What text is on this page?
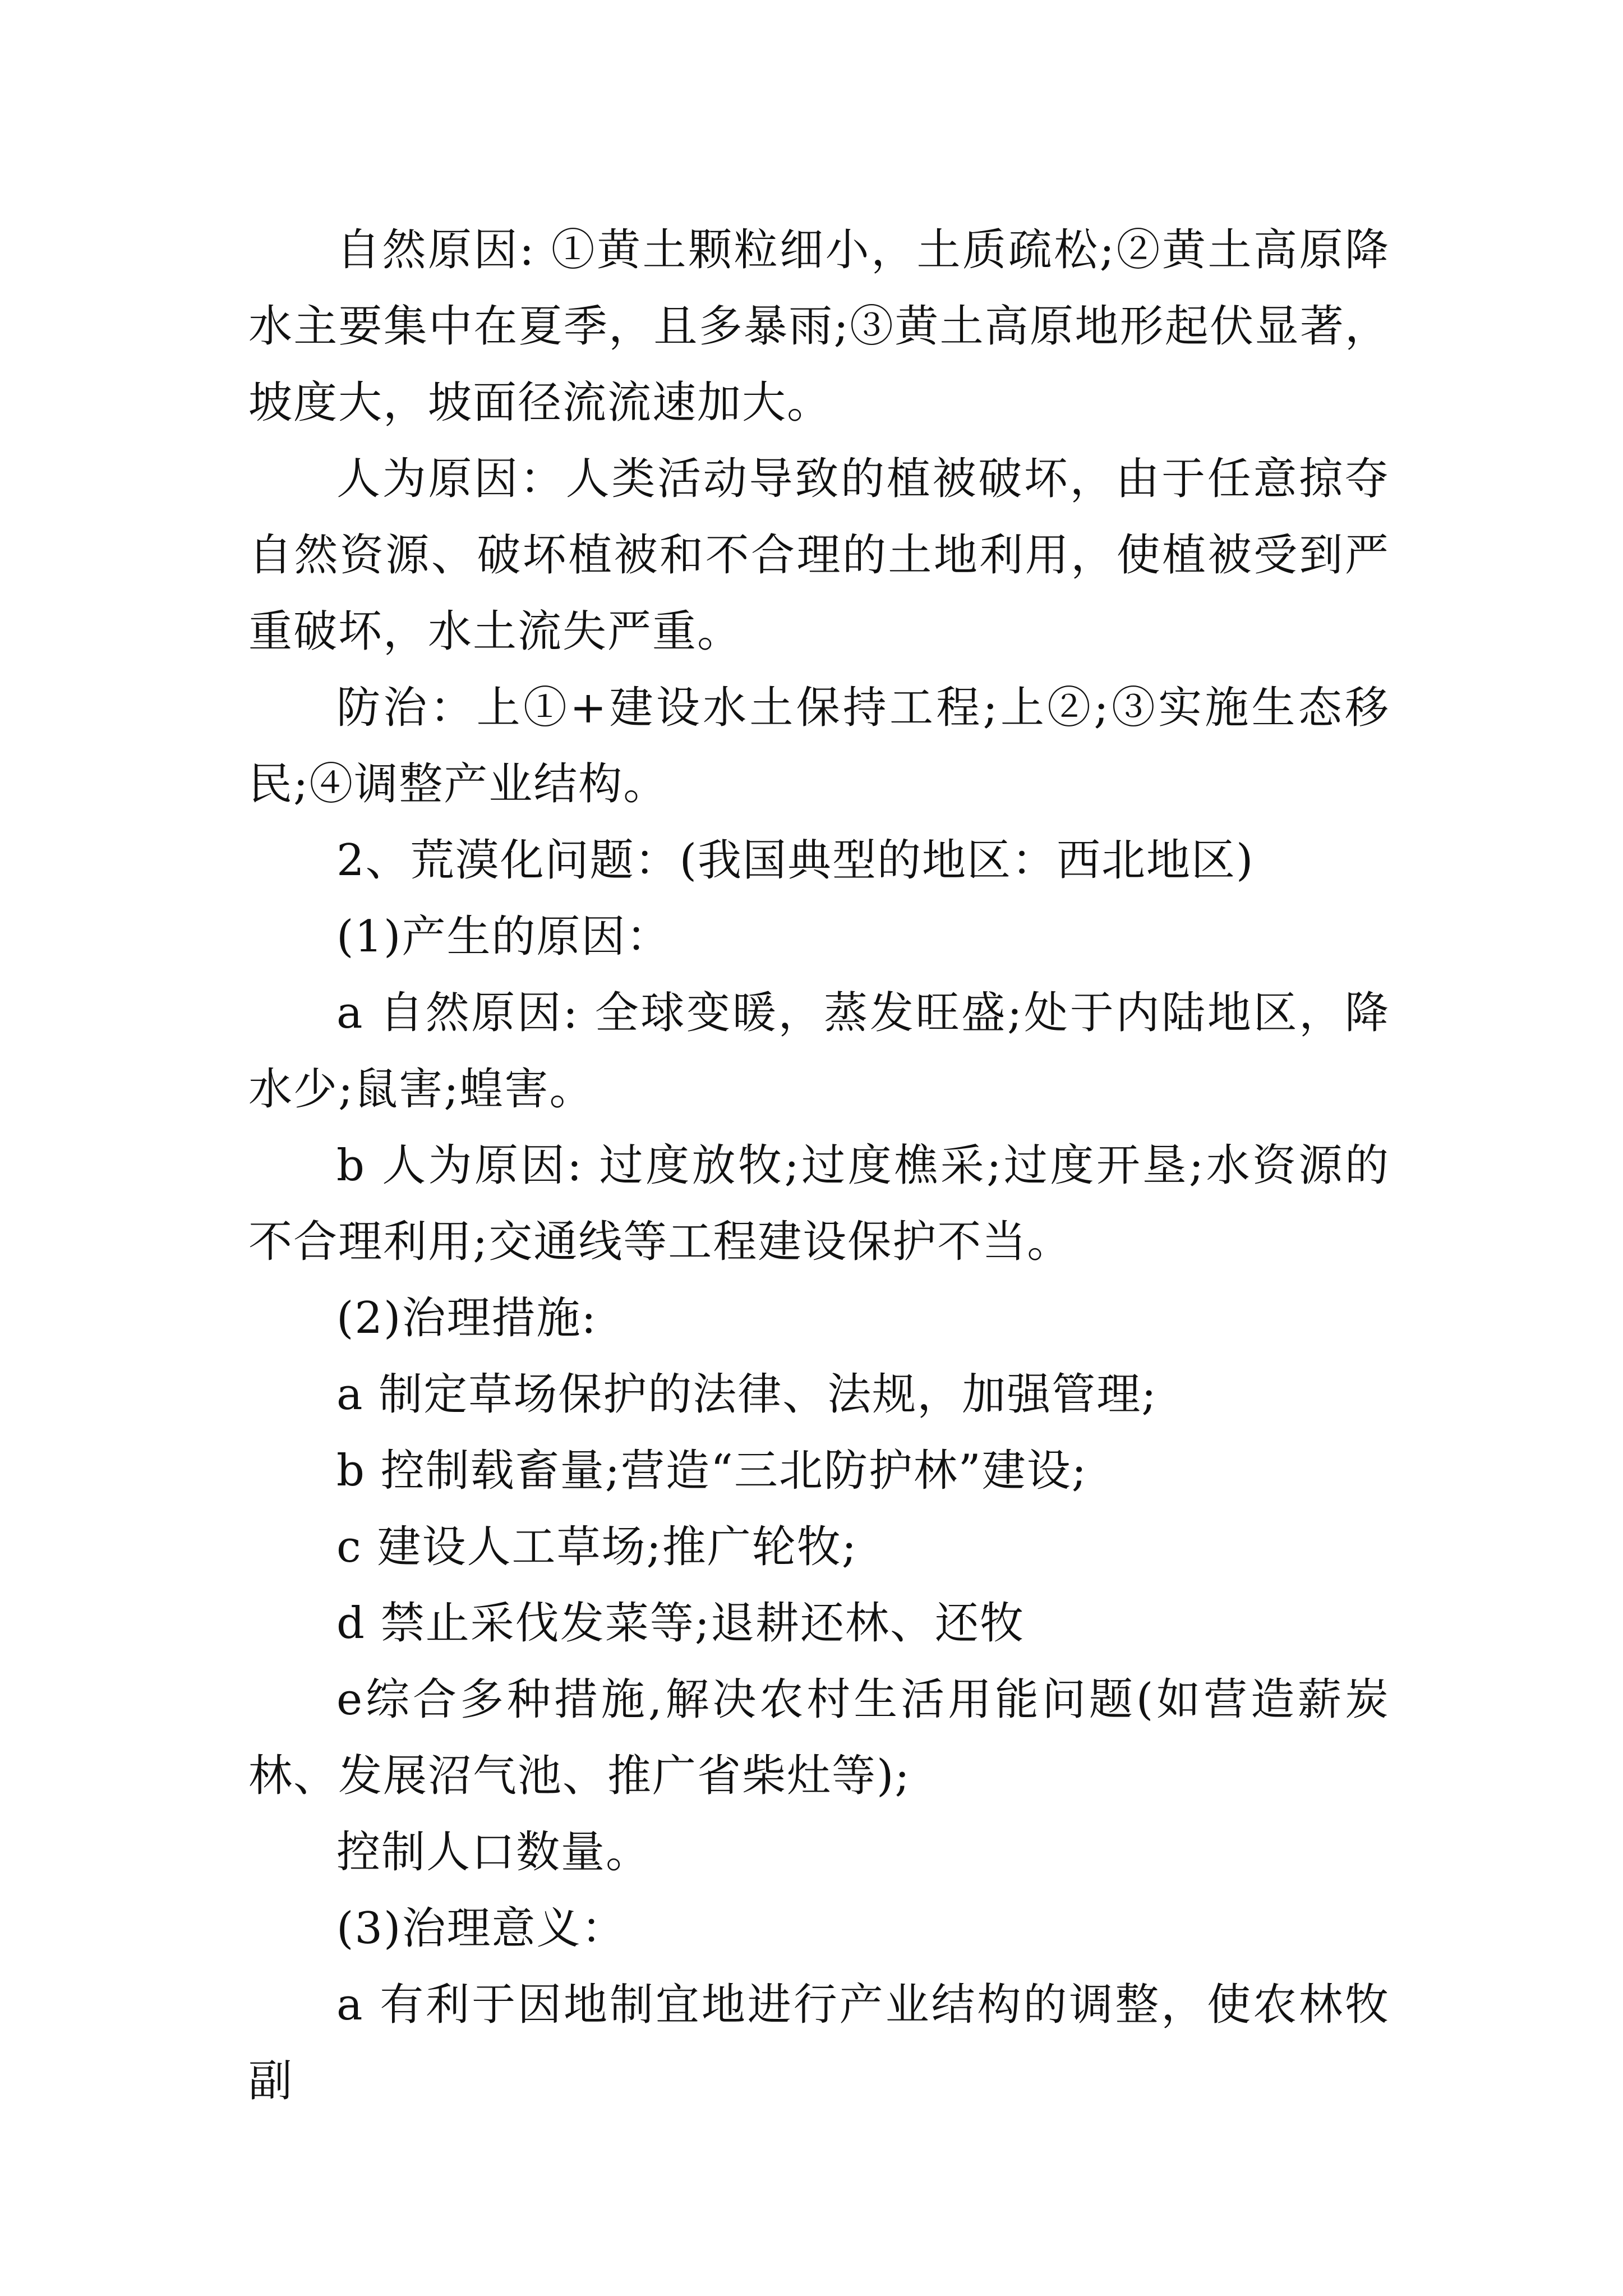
自然原因: ①黄土颗粒细小，土质疏松;②黄土高原降水主要集中在夏季，且多暴雨;③黄土高原地形起伏显著，坡度大，坡面径流流速加大。

人为原因：人类活动导致的植被破坏，由于任意掠夺自然资源、破坏植被和不合理的土地利用，使植被受到严重破坏，水土流失严重。

防治：上①+建设水土保持工程;上②;③实施生态移民;④调整产业结构。

2、荒漠化问题：(我国典型的地区：西北地区)

(1)产生的原因：

a 自然原因: 全球变暖，蒸发旺盛;处于内陆地区，降水少;鼠害;蝗害。

b 人为原因: 过度放牧;过度樵采;过度开垦;水资源的不合理利用;交通线等工程建设保护不当。

(2)治理措施:

a 制定草场保护的法律、法规，加强管理;

b 控制载畜量;营造“三北防护林”建设;

c 建设人工草场;推广轮牧;

d 禁止采伐发菜等;退耕还林、还牧

e综合多种措施,解决农村生活用能问题(如营造薪炭林、发展沼气池、推广省柴灶等);

控制人口数量。

(3)治理意义：

a 有利于因地制宜地进行产业结构的调整，使农林牧副
